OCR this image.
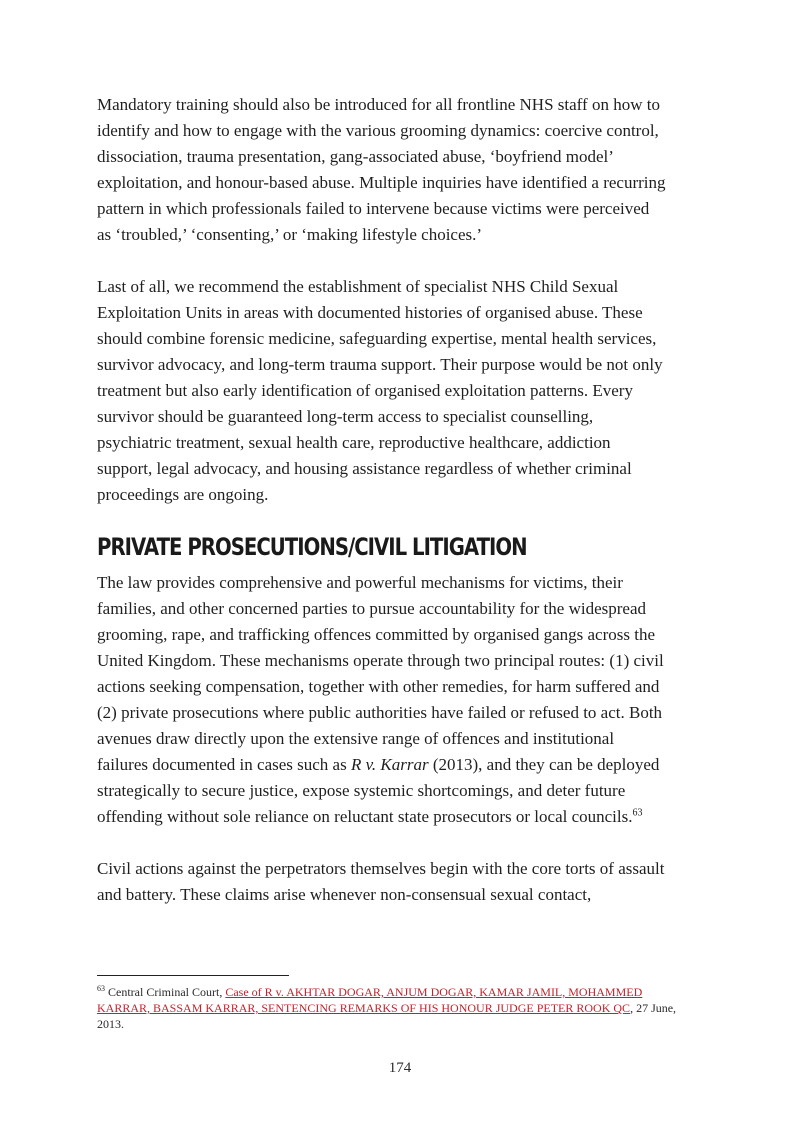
Mandatory training should also be introduced for all frontline NHS staff on how to identify and how to engage with the various grooming dynamics: coercive control, dissociation, trauma presentation, gang-associated abuse, ‘boyfriend model’ exploitation, and honour-based abuse. Multiple inquiries have identified a recurring pattern in which professionals failed to intervene because victims were perceived as ‘troubled,’ ‘consenting,’ or ‘making lifestyle choices.’

Last of all, we recommend the establishment of specialist NHS Child Sexual Exploitation Units in areas with documented histories of organised abuse. These should combine forensic medicine, safeguarding expertise, mental health services, survivor advocacy, and long-term trauma support. Their purpose would be not only treatment but also early identification of organised exploitation patterns. Every survivor should be guaranteed long-term access to specialist counselling, psychiatric treatment, sexual health care, reproductive healthcare, addiction support, legal advocacy, and housing assistance regardless of whether criminal proceedings are ongoing.

PRIVATE PROSECUTIONS/CIVIL LITIGATION

The law provides comprehensive and powerful mechanisms for victims, their families, and other concerned parties to pursue accountability for the widespread grooming, rape, and trafficking offences committed by organised gangs across the United Kingdom. These mechanisms operate through two principal routes: (1) civil actions seeking compensation, together with other remedies, for harm suffered and (2) private prosecutions where public authorities have failed or refused to act. Both avenues draw directly upon the extensive range of offences and institutional failures documented in cases such as R v. Karrar (2013), and they can be deployed strategically to secure justice, expose systemic shortcomings, and deter future offending without sole reliance on reluctant state prosecutors or local councils.$^{63}$

Civil actions against the perpetrators themselves begin with the core torts of assault and battery. These claims arise whenever non-consensual sexual contact,

$^{63}$ Central Criminal Court, Case of R v. AKHTAR DOGAR, ANJUM DOGAR, KAMAR JAMIL, MOHAMMED KARRAR, BASSAM KARRAR, SENTENCING REMARKS OF HIS HONOUR JUDGE PETER ROOK QC, 27 June, 2013.
174
